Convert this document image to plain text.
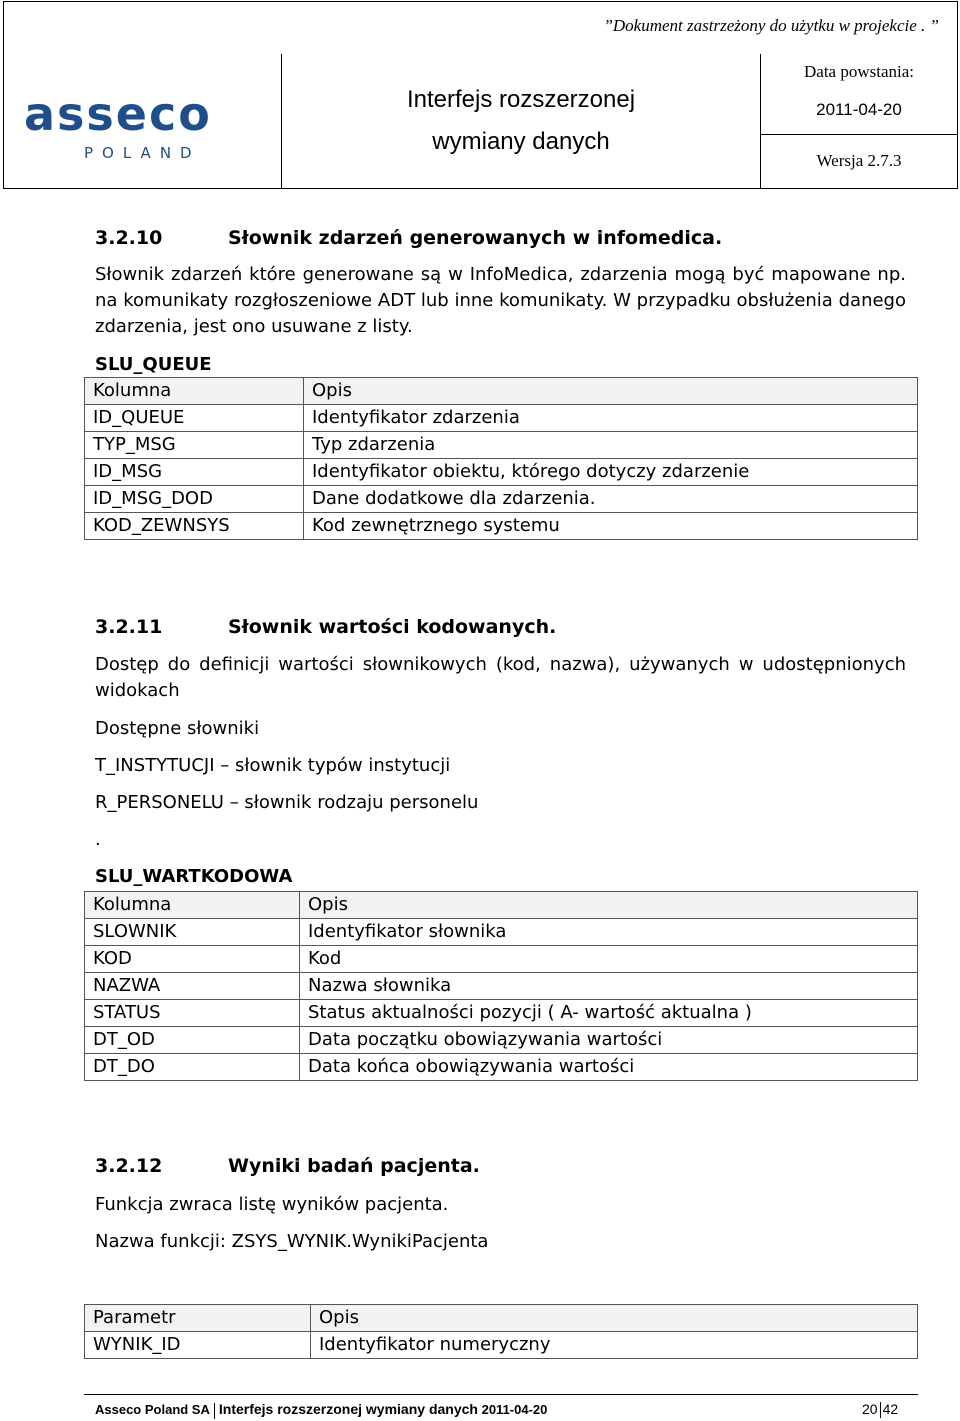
”Dokument zastrzeżony do użytku w projekcie . ”

asseco
POLAND

Interfejs rozszerzonej
wymiany danych

Data powstania:
2011-04-20

Wersja 2.7.3
3.2.10	Słownik zdarzeń generowanych w infomedica.
Słownik zdarzeń które generowane są w InfoMedica, zdarzenia mogą być mapowane np. na komunikaty rozgłoszeniowe ADT lub inne komunikaty. W przypadku obsłużenia danego zdarzenia, jest ono usuwane z listy.
SLU_QUEUE
Kolumna	Opis
ID_QUEUE	Identyfikator zdarzenia
TYP_MSG	Typ zdarzenia
ID_MSG	Identyfikator obiektu, którego dotyczy zdarzenie
ID_MSG_DOD	Dane dodatkowe dla zdarzenia.
KOD_ZEWNSYS	Kod zewnętrznego systemu
3.2.11	Słownik wartości kodowanych.
Dostęp do definicji wartości słownikowych (kod, nazwa), używanych w udostępnionych widokach
Dostępne słowniki
T_INSTYTUCJI – słownik typów instytucji
R_PERSONELU – słownik rodzaju personelu
.
SLU_WARTKODOWA
Kolumna	Opis
SLOWNIK	Identyfikator słownika
KOD	Kod
NAZWA	Nazwa słownika
STATUS	Status aktualności pozycji ( A- wartość aktualna )
DT_OD	Data początku obowiązywania wartości
DT_DO	Data końca obowiązywania wartości
3.2.12	Wyniki badań pacjenta.
Funkcja zwraca listę wyników pacjenta.
Nazwa funkcji: ZSYS_WYNIK.WynikiPacjenta
Parametr	Opis
WYNIK_ID	Identyfikator numeryczny
Asseco Poland SA Interfejs rozszerzonej wymiany danych 2011-04-20	20 42
